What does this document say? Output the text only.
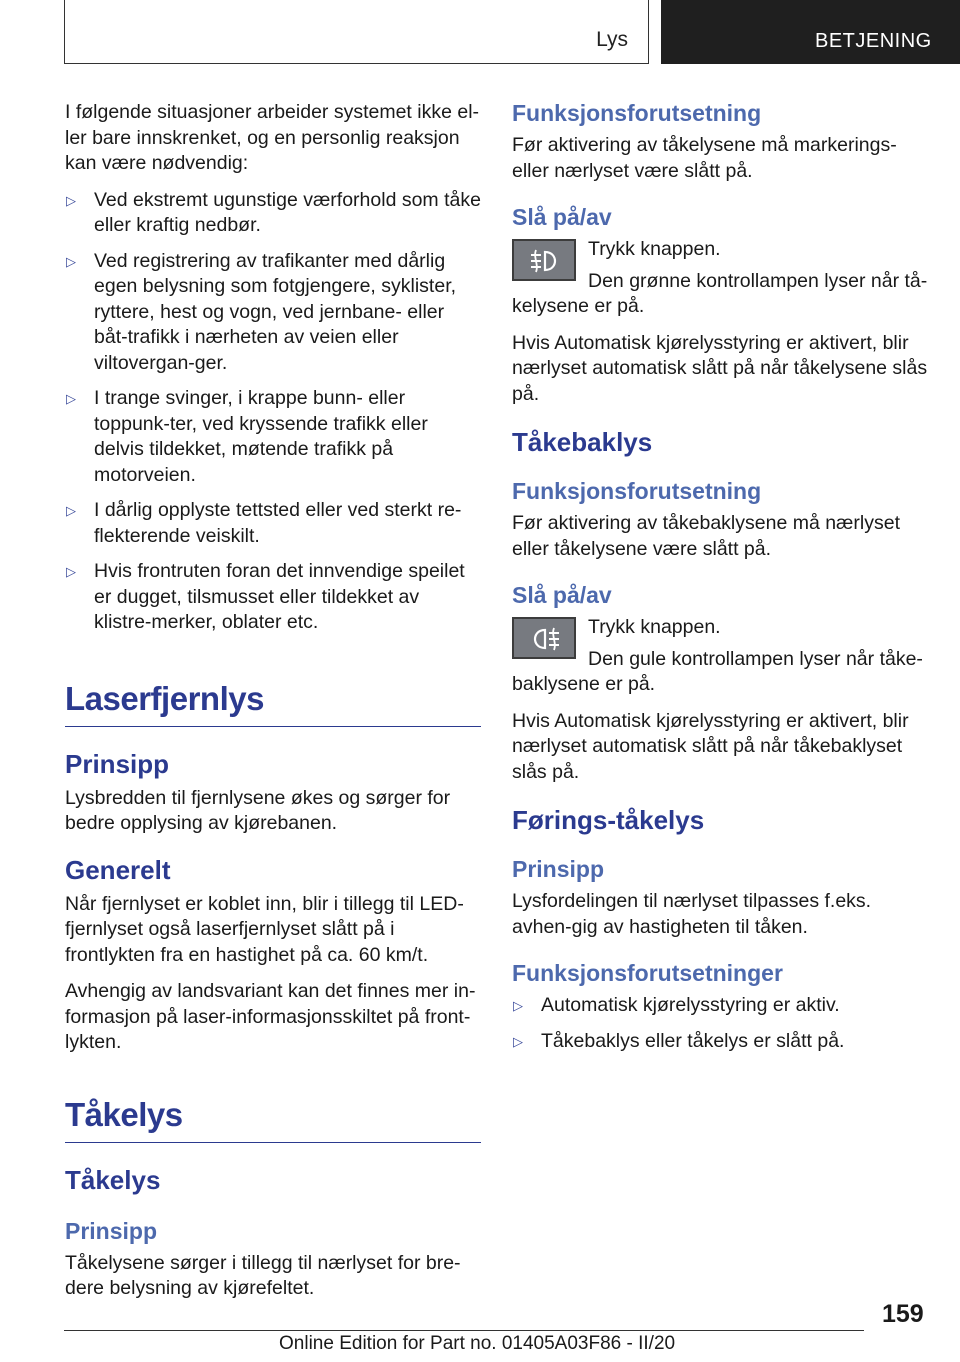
Lys	BETJENING

I følgende situasjoner arbeider systemet ikke el-ler bare innskrenket, og en personlig reaksjon kan være nødvendig:

▷ Ved ekstremt ugunstige værforhold som tåke eller kraftig nedbør.
▷ Ved registrering av trafikanter med dårlig egen belysning som fotgjengere, syklister, ryttere, hest og vogn, ved jernbane- eller båt-trafikk i nærheten av veien eller viltovergan-ger.
▷ I trange svinger, i krappe bunn- eller toppunk-ter, ved kryssende trafikk eller delvis tildekket, møtende trafikk på motorveien.
▷ I dårlig opplyste tettsted eller ved sterkt re-flekterende veiskilt.
▷ Hvis frontruten foran det innvendige speilet er dugget, tilsmusset eller tildekket av klistre-merker, oblater etc.
Laserfjernlys
Prinsipp

Lysbredden til fjernlysene økes og sørger for bedre opplysing av kjørebanen.

Generelt

Når fjernlyset er koblet inn, blir i tillegg til LED-fjernlyset også laserfjernlyset slått på i frontlykten fra en hastighet på ca. 60 km/t.

Avhengig av landsvariant kan det finnes mer in-formasjon på laser-informasjonsskiltet på front-lykten.

Tåkelys
Tåkelys
Prinsipp

Tåkelysene sørger i tillegg til nærlyset for bre-dere belysning av kjørefeltet.

Funksjonsforutsetning

Før aktivering av tåkelysene må markerings- eller nærlyset være slått på.

Slå på/av

Trykk knappen.

Den grønne kontrollampen lyser når tå-kelysene er på.

Hvis Automatisk kjørelysstyring er aktivert, blir nærlyset automatisk slått på når tåkelysene slås på.

Tåkebaklys
Funksjonsforutsetning

Før aktivering av tåkebaklysene må nærlyset eller tåkelysene være slått på.

Slå på/av

Trykk knappen.

Den gule kontrollampen lyser når tåke-baklysene er på.

Hvis Automatisk kjørelysstyring er aktivert, blir nærlyset automatisk slått på når tåkebaklyset slås på.

Førings-tåkelys
Prinsipp

Lysfordelingen til nærlyset tilpasses f.eks. avhen-gig av hastigheten til tåken.

Funksjonsforutsetninger
▷ Automatisk kjørelysstyring er aktiv.
▷ Tåkebaklys eller tåkelys er slått på.
159
Online Edition for Part no. 01405A03F86 - II/20
